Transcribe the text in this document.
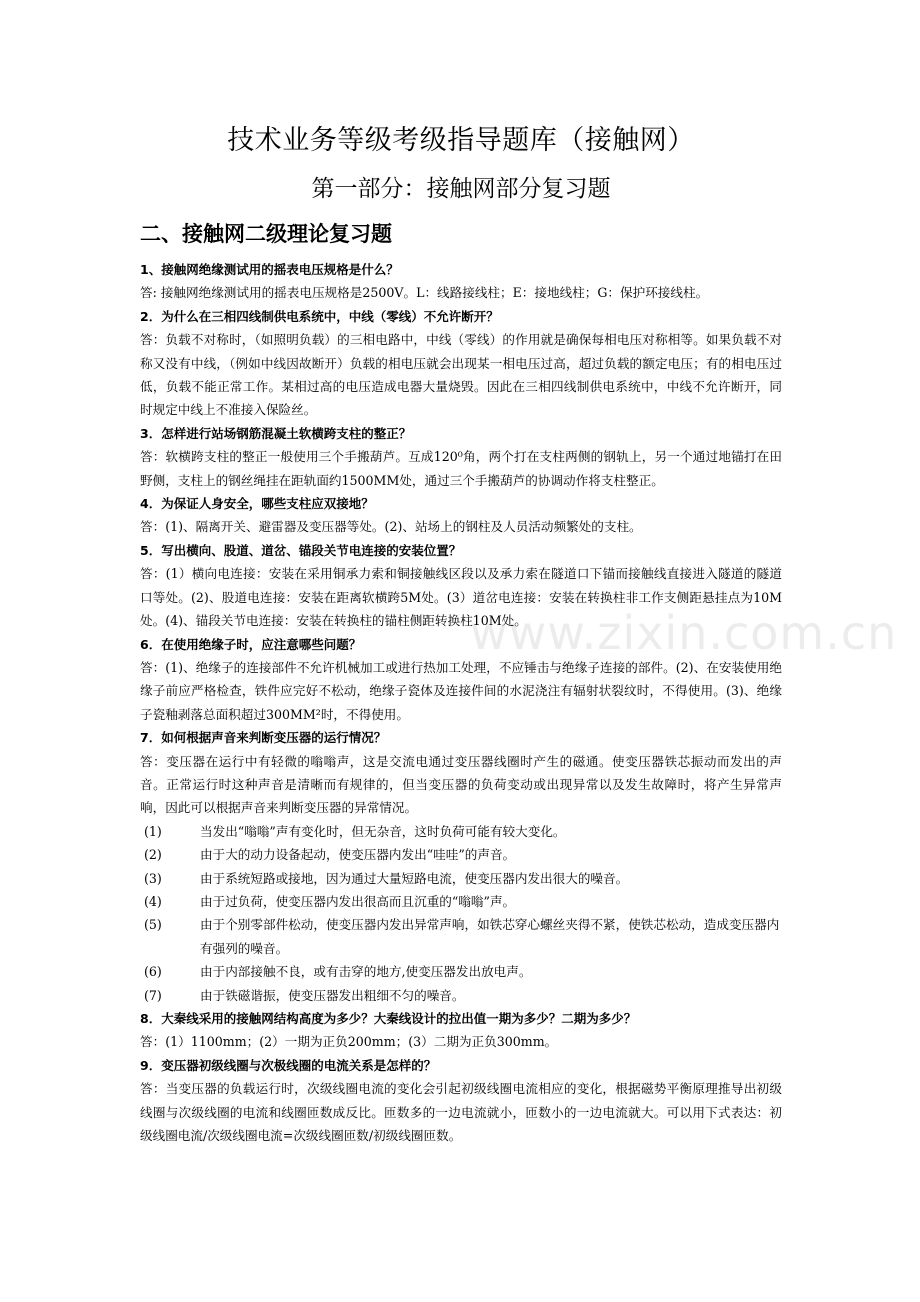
www.zixin.com.cn
技术业务等级考级指导题库（接触网）
第一部分：接触网部分复习题
二、接触网二级理论复习题

1、接触网绝缘测试用的摇表电压规格是什么？

答: 接触网绝缘测试用的摇表电压规格是2500V。L：线路接线柱；E：接地线柱；G：保护环接线柱。

2．为什么在三相四线制供电系统中，中线（零线）不允许断开？

答：负载不对称时，（如照明负载）的三相电路中，中线（零线）的作用就是确保每相电压对称相等。如果负载不对称又没有中线，（例如中线因故断开）负载的相电压就会出现某一相电压过高，超过负载的额定电压；有的相电压过低，负载不能正常工作。某相过高的电压造成电器大量烧毁。因此在三相四线制供电系统中，中线不允许断开，同时规定中线上不准接入保险丝。

3．怎样进行站场钢筋混凝土软横跨支柱的整正？

答：软横跨支柱的整正一般使用三个手搬葫芦。互成120⁰角，两个打在支柱两侧的钢轨上，另一个通过地锚打在田野侧，支柱上的钢丝绳挂在距轨面约1500MM处，通过三个手搬葫芦的协调动作将支柱整正。

4．为保证人身安全，哪些支柱应双接地？

答：(1)、隔离开关、避雷器及变压器等处。(2)、站场上的钢柱及人员活动频繁处的支柱。

5．写出横向、股道、道岔、锚段关节电连接的安装位置？

答：(1）横向电连接：安装在采用铜承力索和铜接触线区段以及承力索在隧道口下锚而接触线直接进入隧道的隧道口等处。(2)、股道电连接：安装在距离软横跨5M处。(3）道岔电连接：安装在转换柱非工作支侧距悬挂点为10M处。(4)、锚段关节电连接：安装在转换柱的锚柱侧距转换柱10M处。

6．在使用绝缘子时，应注意哪些问题？

答：(1)、绝缘子的连接部件不允许机械加工或进行热加工处理，不应锤击与绝缘子连接的部件。(2)、在安装使用绝缘子前应严格检查，铁件应完好不松动，绝缘子瓷体及连接件间的水泥浇注有辐射状裂纹时，不得使用。(3)、绝缘子瓷釉剥落总面积超过300MM²时，不得使用。

7．如何根据声音来判断变压器的运行情况？

答：变压器在运行中有轻微的嗡嗡声，这是交流电通过变压器线圈时产生的磁通。使变压器铁芯振动而发出的声音。正常运行时这种声音是清晰而有规律的，但当变压器的负荷变动或出现异常以及发生故障时，将产生异常声响，因此可以根据声音来判断变压器的异常情况。

(1)	当发出“嗡嗡”声有变化时，但无杂音，这时负荷可能有较大变化。
(2)	由于大的动力设备起动，使变压器内发出“哇哇”的声音。
(3)	由于系统短路或接地，因为通过大量短路电流，使变压器内发出很大的噪音。
(4)	由于过负荷，使变压器内发出很高而且沉重的“嗡嗡”声。
(5)	由于个别零部件松动，使变压器内发出异常声响，如铁芯穿心螺丝夹得不紧，使铁芯松动，造成变压器内有强列的噪音。
(6)	由于内部接触不良，或有击穿的地方,使变压器发出放电声。
(7)	由于铁磁谐振，使变压器发出粗细不匀的噪音。

8．大秦线采用的接触网结构高度为多少？大秦线设计的拉出值一期为多少？二期为多少？

答：(1）1100mm；(2）一期为正负200mm；(3）二期为正负300mm。

9．变压器初级线圈与次极线圈的电流关系是怎样的？

答：当变压器的负载运行时，次级线圈电流的变化会引起初级线圈电流相应的变化，根据磁势平衡原理推导出初级线圈与次级线圈的电流和线圈匝数成反比。匝数多的一边电流就小，匝数小的一边电流就大。可以用下式表达：初级线圈电流/次级线圈电流=次级线圈匝数/初级线圈匝数。
